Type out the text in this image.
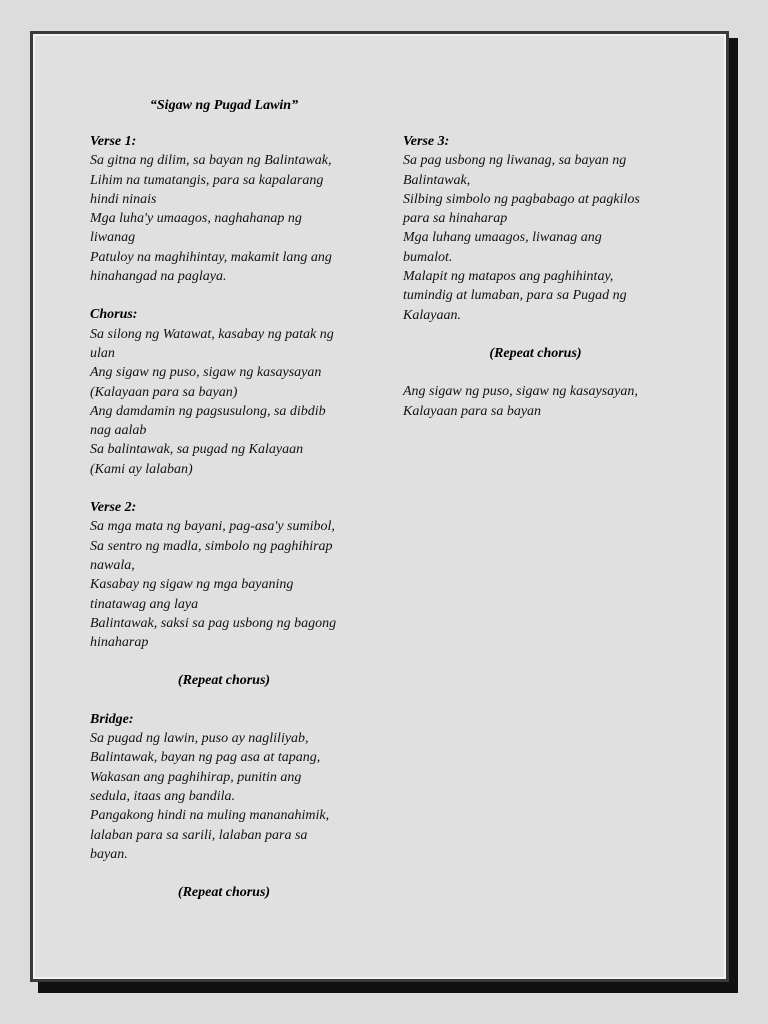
“Sigaw ng Pugad Lawin”

Verse 1:

Sa gitna ng dilim, sa bayan ng Balintawak,

Lihim na tumatangis, para sa kapalarang

hindi ninais

Mga luha'y umaagos, naghahanap ng

liwanag

Patuloy na maghihintay, makamit lang ang

hinahangad na paglaya.

Chorus:

Sa silong ng Watawat, kasabay ng patak ng

ulan

Ang sigaw ng puso, sigaw ng kasaysayan

(Kalayaan para sa bayan)

Ang damdamin ng pagsusulong, sa dibdib

nag aalab

Sa balintawak, sa pugad ng Kalayaan

(Kami ay lalaban)

Verse 2:

Sa mga mata ng bayani, pag-asa'y sumibol,

Sa sentro ng madla, simbolo ng paghihirap

nawala,

Kasabay ng sigaw ng mga bayaning

tinatawag ang laya

Balintawak, saksi sa pag usbong ng bagong

hinaharap

(Repeat chorus)

Bridge:

Sa pugad ng lawin, puso ay nagliliyab,

Balintawak, bayan ng pag asa at tapang,

Wakasan ang paghihirap, punitin ang

sedula, itaas ang bandila.

Pangakong hindi na muling mananahimik,

lalaban para sa sarili, lalaban para sa

bayan.

(Repeat chorus)

Verse 3:

Sa pag usbong ng liwanag, sa bayan ng

Balintawak,

Silbing simbolo ng pagbabago at pagkilos

para sa hinaharap

Mga luhang umaagos, liwanag ang

bumalot.

Malapit ng matapos ang paghihintay,

tumindig at lumaban, para sa Pugad ng

Kalayaan.

(Repeat chorus)

Ang sigaw ng puso, sigaw ng kasaysayan,

Kalayaan para sa bayan
